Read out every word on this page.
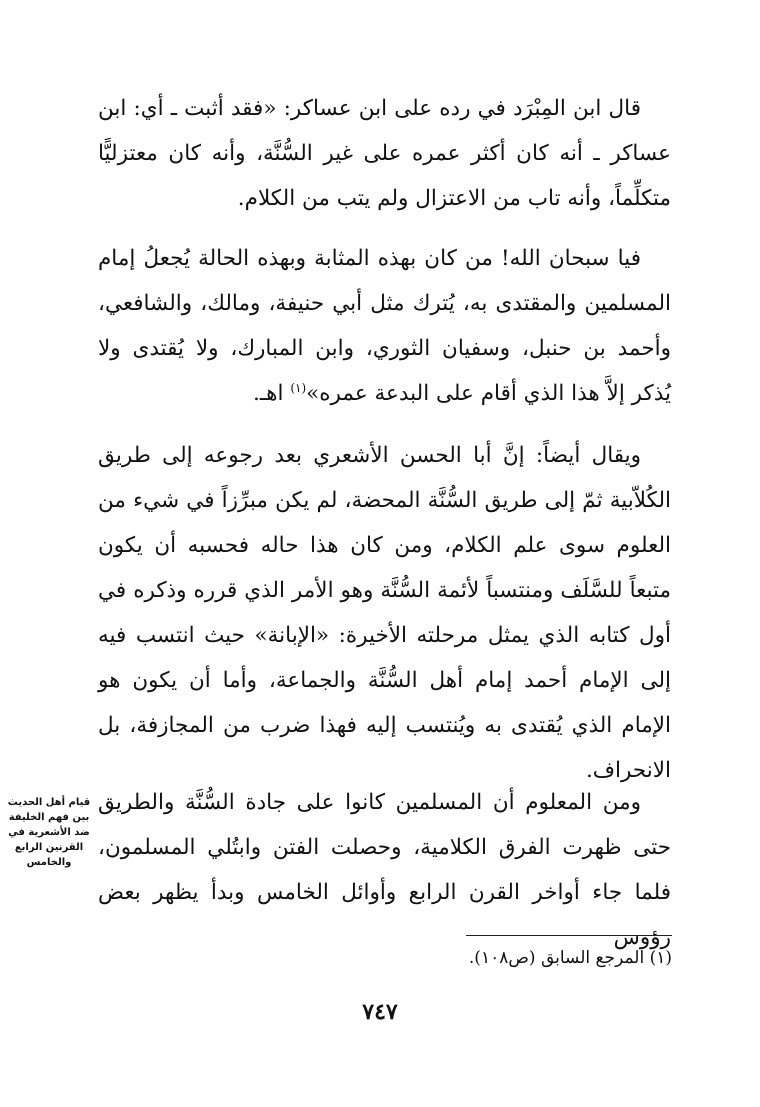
قال ابن المِبْرَد في رده على ابن عساكر: «فقد أثبت ـ أي: ابن عساكر ـ أنه كان أكثر عمره على غير السُّنَّة، وأنه كان معتزليًّا متكلِّماً، وأنه تاب من الاعتزال ولم يتب من الكلام.

فيا سبحان الله! من كان بهذه المثابة وبهذه الحالة يُجعلُ إمام المسلمين والمقتدى به، يُترك مثل أبي حنيفة، ومالك، والشافعي، وأحمد بن حنبل، وسفيان الثوري، وابن المبارك، ولا يُقتدى ولا يُذكر إلاَّ هذا الذي أقام على البدعة عمره»$^{(١)}$ اهـ.

ويقال أيضاً: إنَّ أبا الحسن الأشعري بعد رجوعه إلى طريق الكُلاّبية ثمّ إلى طريق السُّنَّة المحضة، لم يكن مبرِّزاً في شيء من العلوم سوى علم الكلام، ومن كان هذا حاله فحسبه أن يكون متبعاً للسَّلَف ومنتسباً لأئمة السُّنَّة وهو الأمر الذي قرره وذكره في أول كتابه الذي يمثل مرحلته الأخيرة: «الإبانة» حيث انتسب فيه إلى الإمام أحمد إمام أهل السُّنَّة والجماعة، وأما أن يكون هو الإمام الذي يُقتدى به ويُنتسب إليه فهذا ضرب من المجازفة، بل الانحراف.

ومن المعلوم أن المسلمين كانوا على جادة السُّنَّة والطريق حتى ظهرت الفرق الكلامية، وحصلت الفتن وابتُلي المسلمون، فلما جاء أواخر القرن الرابع وأوائل الخامس وبدأ يظهر بعض رؤوس

قيام أهل الحديث بين فهم الخليفة ضد الأشعرية في القرنين الرابع والخامس
(١) المرجع السابق (ص١٠٨).
٧٤٧
